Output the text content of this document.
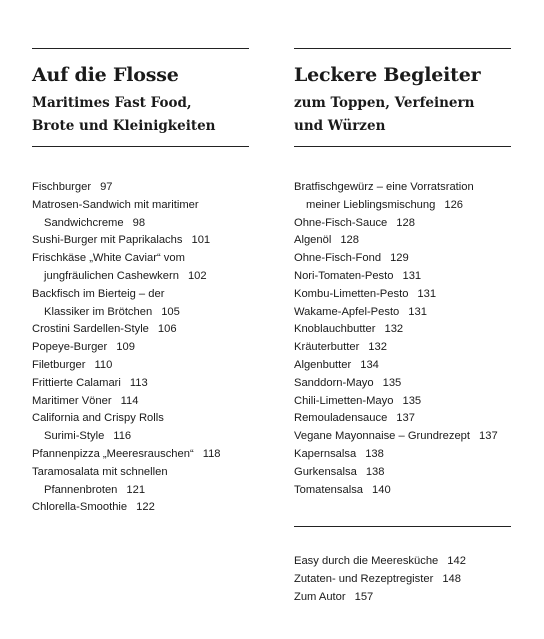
Auf die Flosse
Maritimes Fast Food,
Brote und Kleinigkeiten
Fischburger 97
Matrosen-Sandwich mit maritimer
Sandwichcreme 98
Sushi-Burger mit Paprikalachs 101
Frischkäse „White Caviar“ vom
jungfräulichen Cashewkern 102
Backfisch im Bierteig – der
Klassiker im Brötchen 105
Crostini Sardellen-Style 106
Popeye-Burger 109
Filetburger 110
Frittierte Calamari 113
Maritimer Vöner 114
California and Crispy Rolls
Surimi-Style 116
Pfannenpizza „Meeresrauschen“ 118
Taramosalata mit schnellen
Pfannenbroten 121
Chlorella-Smoothie 122
Leckere Begleiter
zum Toppen, Verfeinern
und Würzen
Bratfischgewürz – eine Vorratsration
meiner Lieblingsmischung 126
Ohne-Fisch-Sauce 128
Algenöl 128
Ohne-Fisch-Fond 129
Nori-Tomaten-Pesto 131
Kombu-Limetten-Pesto 131
Wakame-Apfel-Pesto 131
Knoblauchbutter 132
Kräuterbutter 132
Algenbutter 134
Sanddorn-Mayo 135
Chili-Limetten-Mayo 135
Remouladensauce 137
Vegane Mayonnaise – Grundrezept 137
Kapernsalsa 138
Gurkensalsa 138
Tomatensalsa 140
Easy durch die Meeresküche 142
Zutaten- und Rezeptregister 148
Zum Autor 157
